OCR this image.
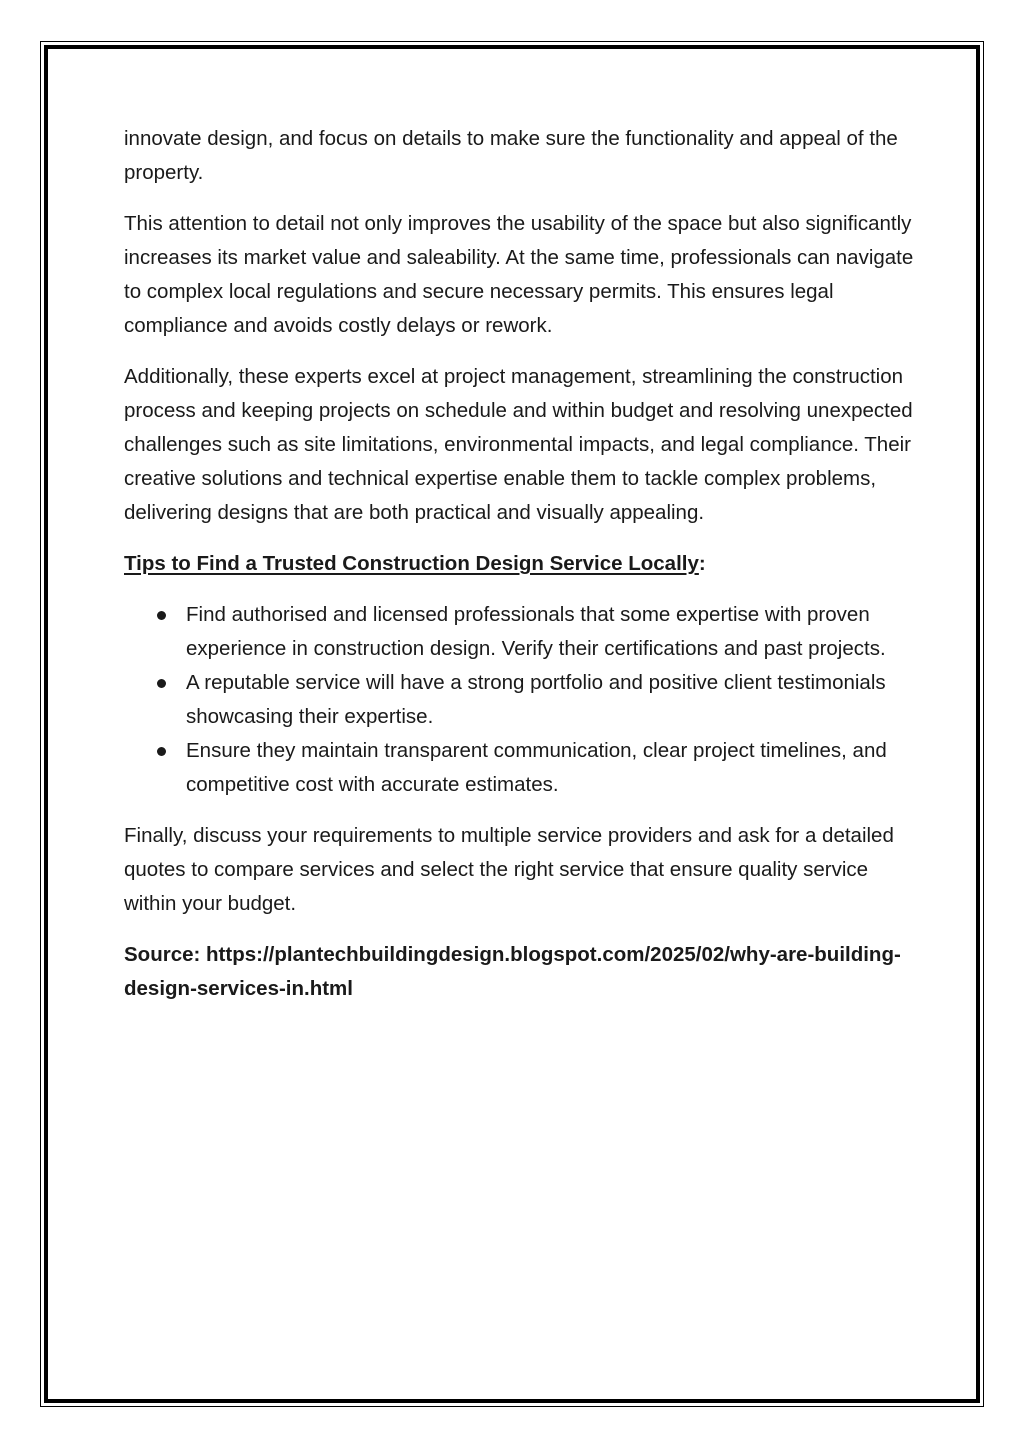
innovate design, and focus on details to make sure the functionality and appeal of the property.

This attention to detail not only improves the usability of the space but also significantly increases its market value and saleability. At the same time, professionals can navigate to complex local regulations and secure necessary permits. This ensures legal compliance and avoids costly delays or rework.

Additionally, these experts excel at project management, streamlining the construction process and keeping projects on schedule and within budget and resolving unexpected challenges such as site limitations, environmental impacts, and legal compliance. Their creative solutions and technical expertise enable them to tackle complex problems, delivering designs that are both practical and visually appealing.

Tips to Find a Trusted Construction Design Service Locally:
Find authorised and licensed professionals that some expertise with proven experience in construction design. Verify their certifications and past projects.
A reputable service will have a strong portfolio and positive client testimonials showcasing their expertise.
Ensure they maintain transparent communication, clear project timelines, and competitive cost with accurate estimates.

Finally, discuss your requirements to multiple service providers and ask for a detailed quotes to compare services and select the right service that ensure quality service within your budget.

Source: https://plantechbuildingdesign.blogspot.com/2025/02/why-are-building-design-services-in.html
